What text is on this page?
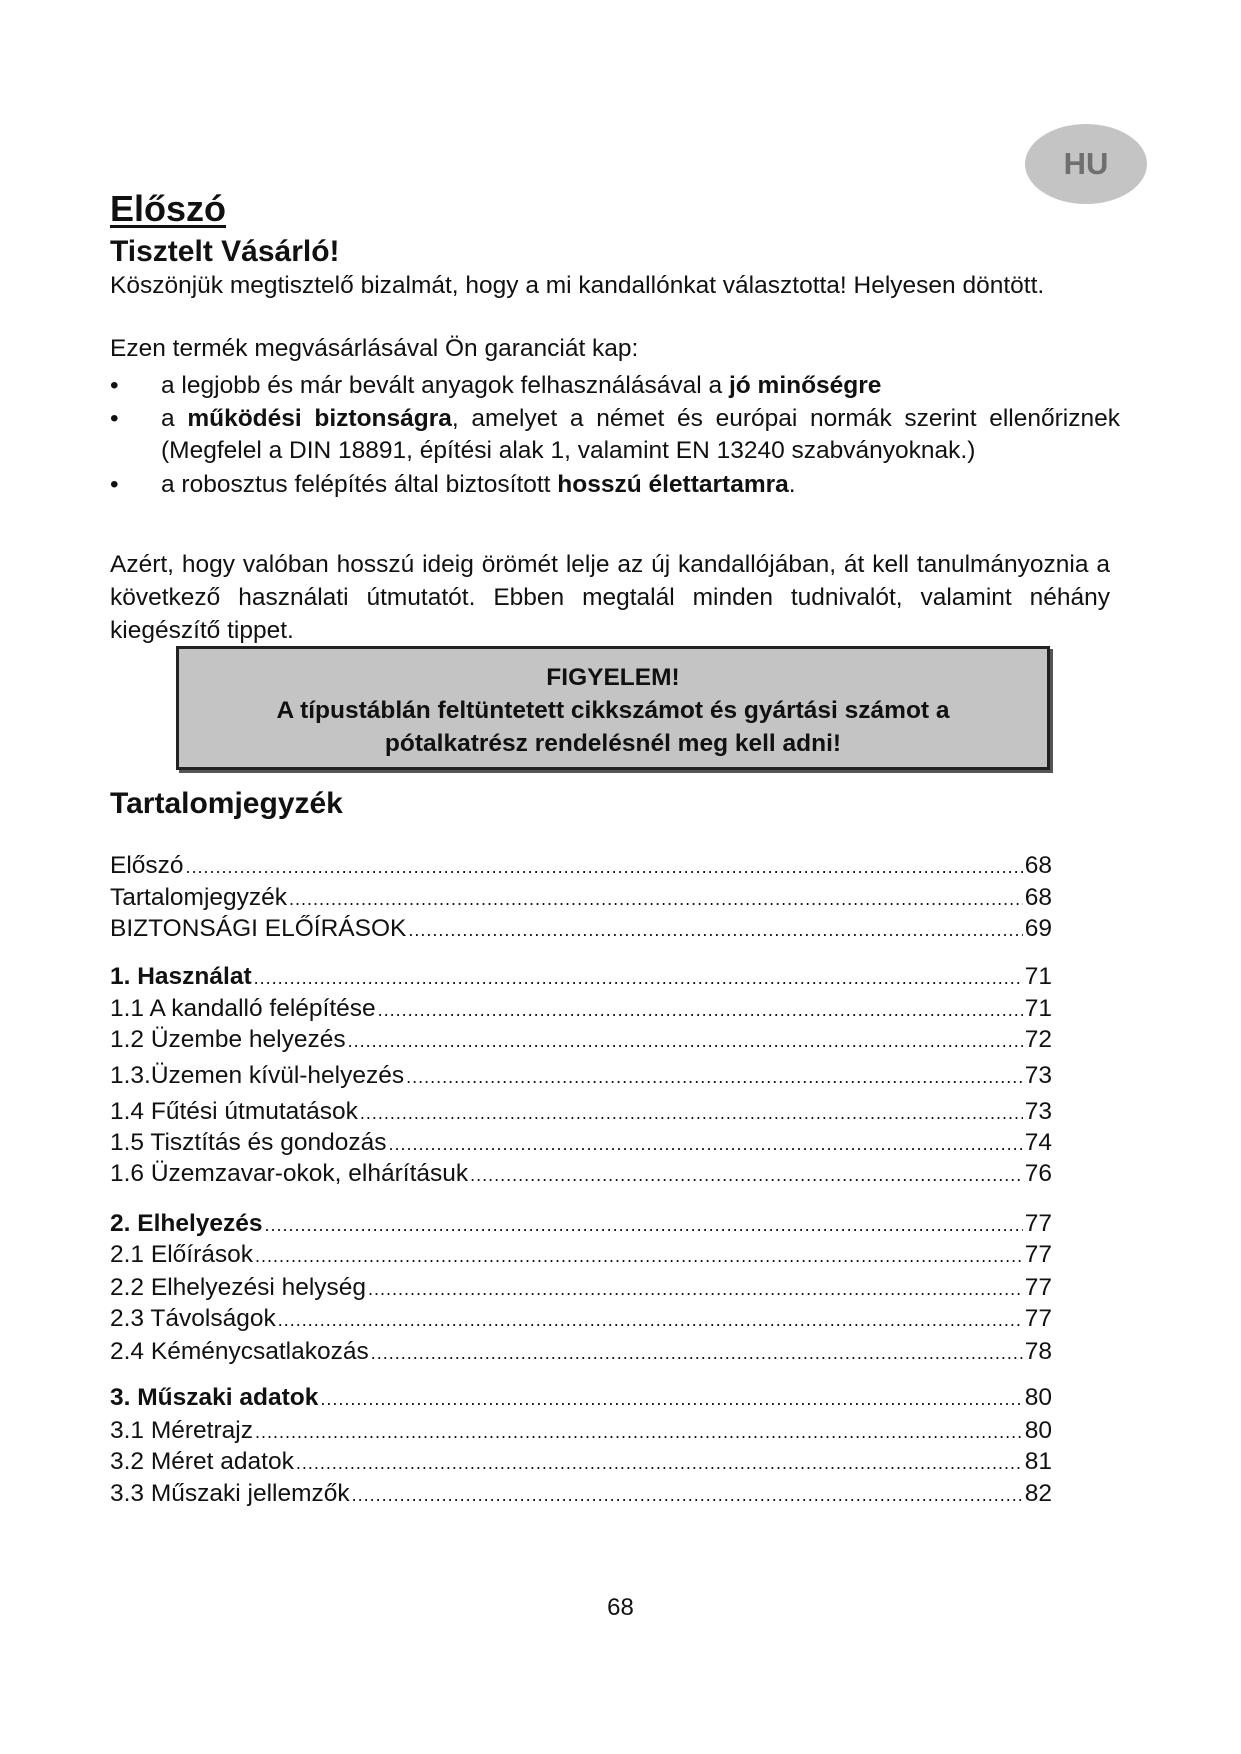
HU
Előszó
Tisztelt Vásárló!

Köszönjük megtisztelő bizalmát, hogy a mi kandallónkat választotta! Helyesen döntött.

Ezen termék megvásárlásával Ön garanciát kap:

• a legjobb és már bevált anyagok felhasználásával a jó minőségre
• a működési biztonságra, amelyet a német és európai normák szerint ellenőriznek (Megfelel a DIN 18891, építési alak 1, valamint EN 13240 szabványoknak.)
• a robosztus felépítés által biztosított hosszú élettartamra.

Azért, hogy valóban hosszú ideig örömét lelje az új kandallójában, át kell tanulmányoznia a következő használati útmutatót. Ebben megtalál minden tudnivalót, valamint néhány kiegészítő tippet.

FIGYELEM!
A típustáblán feltüntetett cikkszámot és gyártási számot a
pótalkatrész rendelésnél meg kell adni!
Tartalomjegyzék
Előszó .....	68
Tartalomjegyzék .....	68
BIZTONSÁGI ELŐÍRÁSOK .....	69
1. Használat .....	71
1.1 A kandalló felépítése .....	71
1.2 Üzembe helyezés .....	72
1.3.Üzemen kívül-helyezés .....	73
1.4 Fűtési útmutatások .....	73
1.5 Tisztítás és gondozás .....	74
1.6 Üzemzavar-okok, elhárításuk .....	76
2. Elhelyezés .....	77
2.1 Előírások .....	77
2.2 Elhelyezési helység .....	77
2.3 Távolságok .....	77
2.4 Kéménycsatlakozás .....	78
3. Műszaki adatok .....	80
3.1 Méretrajz .....	80
3.2 Méret adatok .....	81
3.3 Műszaki jellemzők .....	82
68
